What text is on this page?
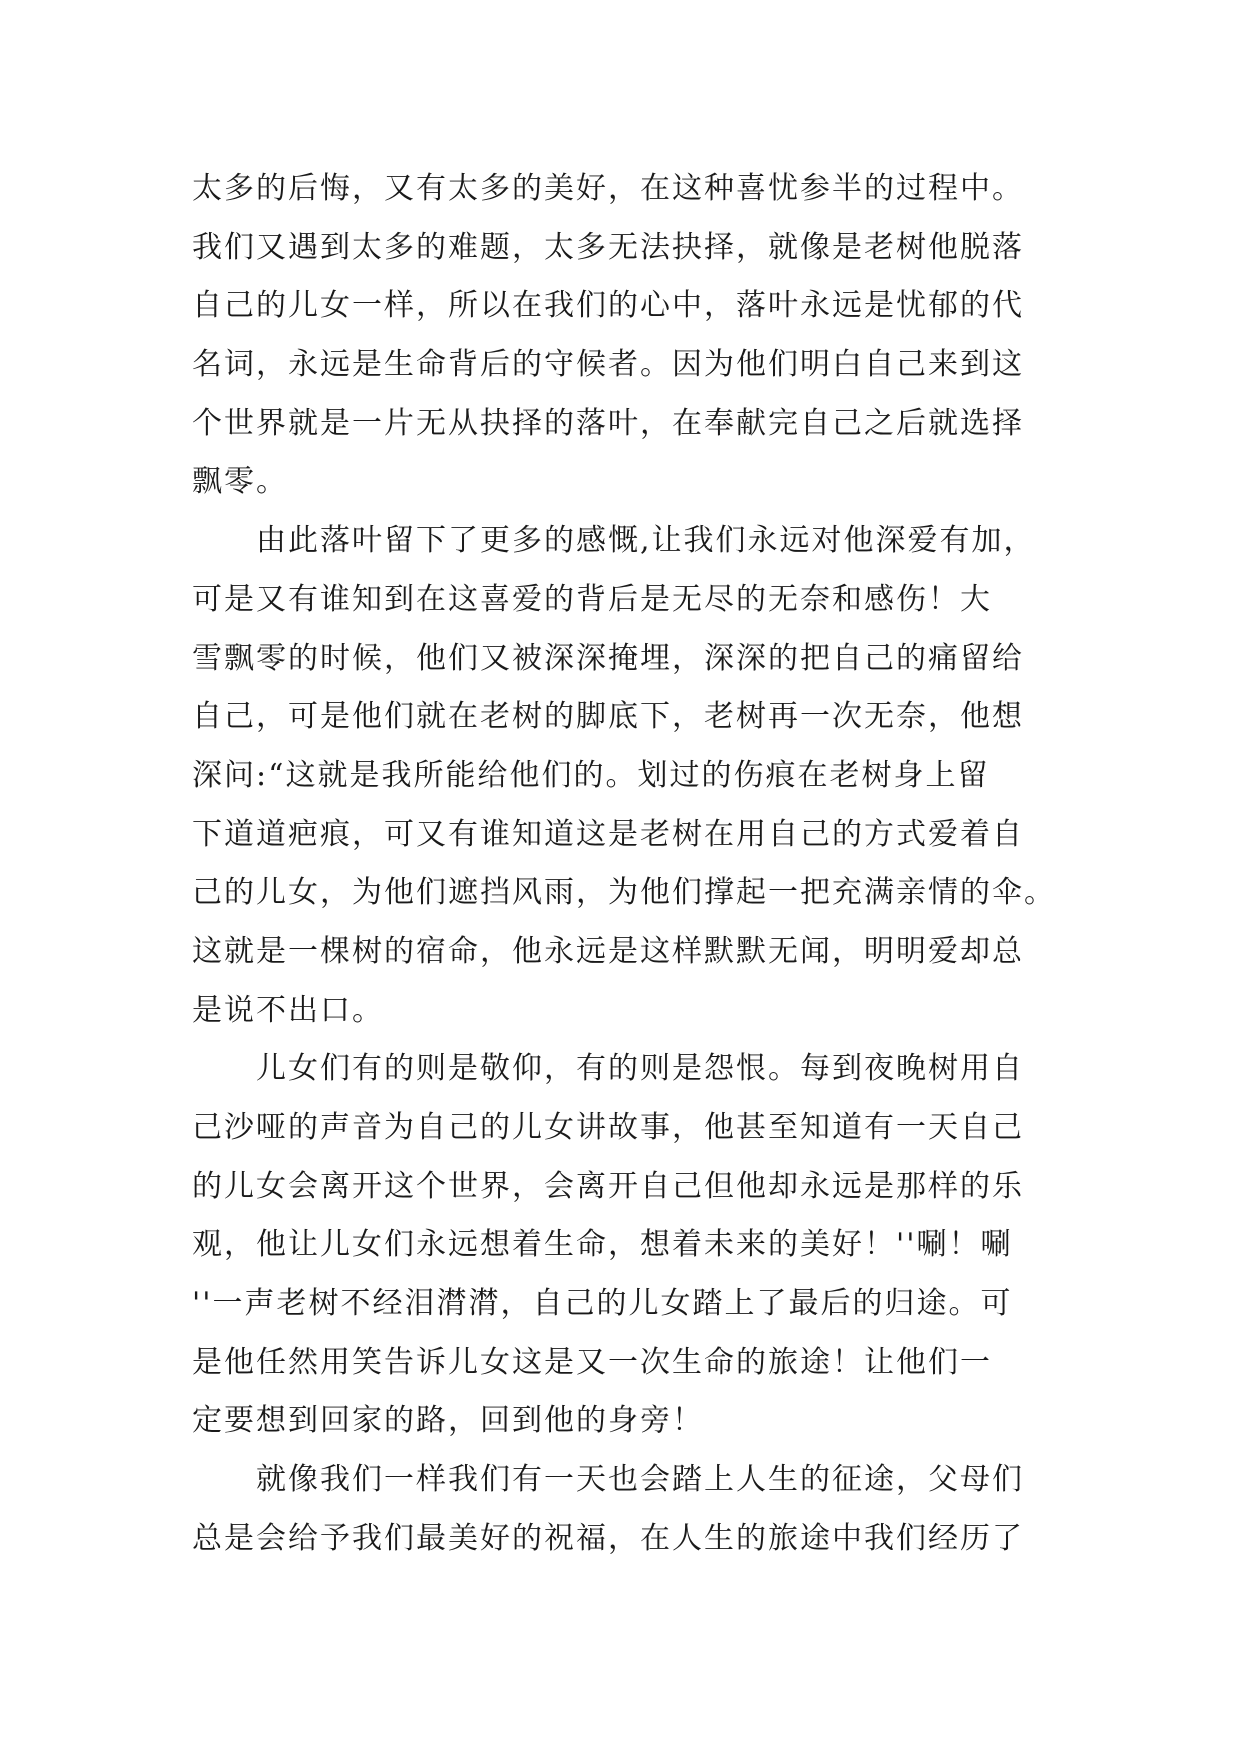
太多的后悔，又有太多的美好，在这种喜忧参半的过程中。
我们又遇到太多的难题，太多无法抉择，就像是老树他脱落
自己的儿女一样，所以在我们的心中，落叶永远是忧郁的代
名词，永远是生命背后的守候者。因为他们明白自己来到这
个世界就是一片无从抉择的落叶，在奉献完自己之后就选择
飘零。
由此落叶留下了更多的感慨,让我们永远对他深爱有加，
可是又有谁知到在这喜爱的背后是无尽的无奈和感伤！大
雪飘零的时候，他们又被深深掩埋，深深的把自己的痛留给
自己，可是他们就在老树的脚底下，老树再一次无奈，他想
深问:“这就是我所能给他们的。划过的伤痕在老树身上留
下道道疤痕，可又有谁知道这是老树在用自己的方式爱着自
己的儿女，为他们遮挡风雨，为他们撑起一把充满亲情的伞。
这就是一棵树的宿命，他永远是这样默默无闻，明明爱却总
是说不出口。
儿女们有的则是敬仰，有的则是怨恨。每到夜晚树用自
己沙哑的声音为自己的儿女讲故事，他甚至知道有一天自己
的儿女会离开这个世界，会离开自己但他却永远是那样的乐
观，他让儿女们永远想着生命，想着未来的美好！''唰！唰
''一声老树不经泪潸潸，自己的儿女踏上了最后的归途。可
是他任然用笑告诉儿女这是又一次生命的旅途！让他们一
定要想到回家的路，回到他的身旁！
就像我们一样我们有一天也会踏上人生的征途，父母们
总是会给予我们最美好的祝福，在人生的旅途中我们经历了
